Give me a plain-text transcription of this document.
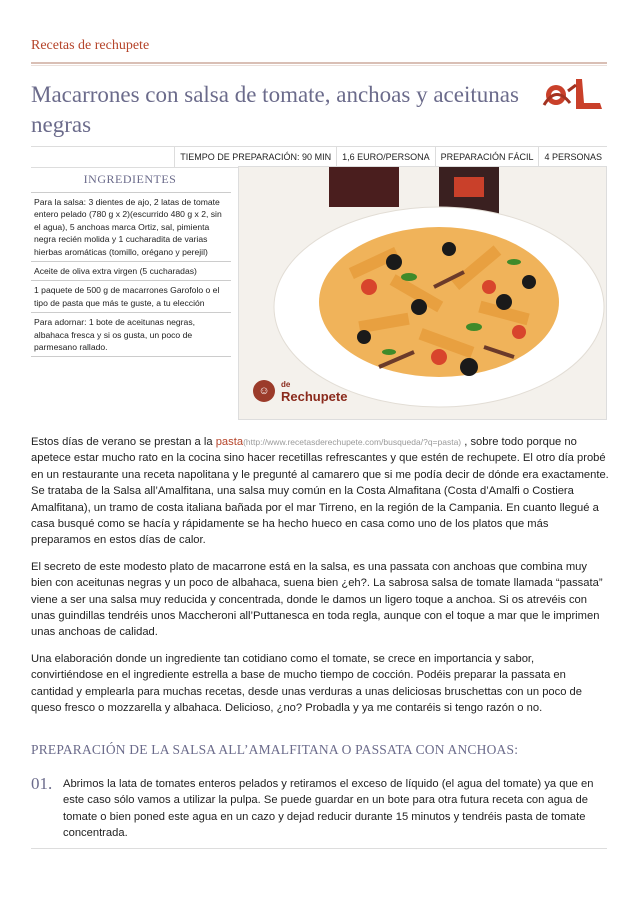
Recetas de rechupete
Macarrones con salsa de tomate, anchoas y aceitunas negras
TIEMPO DE PREPARACIÓN: 90 MIN	1,6 EURO/PERSONA	PREPARACIÓN FÁCIL	4 PERSONAS
INGREDIENTES
Para la salsa: 3 dientes de ajo, 2 latas de tomate entero pelado (780 g x 2)(escurrido 480 g x 2, sin el agua), 5 anchoas marca Ortiz, sal, pimienta negra recién molida y 1 cucharadita de varias hierbas aromáticas (tomillo, orégano y perejil)
Aceite de oliva extra virgen (5 cucharadas)
1 paquete de 500 g de macarrones Garofolo o el tipo de pasta que más te guste, a tu elección
Para adornar: 1 bote de aceitunas negras, albahaca fresca y si os gusta, un poco de parmesano rallado.
☺
de
Rechupete

Estos días de verano se prestan a la pasta(http://www.recetasderechupete.com/busqueda/?q=pasta) , sobre todo porque no apetece estar mucho rato en la cocina sino hacer recetillas refrescantes y que estén de rechupete. El otro día probé en un restaurante una receta napolitana y le pregunté al camarero que si me podía decir de dónde era exactamente. Se trataba de la Salsa all’Amalfitana, una salsa muy común en la Costa Almafitana (Costa d’Amalfi o Costiera Amalfitana), un tramo de costa italiana bañada por el mar Tirreno, en la región de la Campania. En cuanto llegué a casa busqué como se hacía y rápidamente se ha hecho hueco en casa como uno de los platos que más preparamos en estos días de calor.

El secreto de este modesto plato de macarrone está en la salsa, es una passata con anchoas que combina muy bien con aceitunas negras y un poco de albahaca, suena bien ¿eh?. La sabrosa salsa de tomate llamada “passata” viene a ser una salsa muy reducida y concentrada, donde le damos un ligero toque a anchoa. Si os atrevéis con unas guindillas tendréis unos Maccheroni all’Puttanesca en toda regla, aunque con el toque a mar que le imprimen unas anchoas de calidad.

Una elaboración donde un ingrediente tan cotidiano como el tomate, se crece en importancia y sabor, convirtiéndose en el ingrediente estrella a base de mucho tiempo de cocción. Podéis preparar la passata en cantidad y emplearla para muchas recetas, desde unas verduras a unas deliciosas bruschettas con un poco de queso fresco o mozzarella y albahaca. Delicioso, ¿no? Probadla y ya me contaréis si tengo razón o no.

PREPARACIÓN DE LA SALSA ALL’AMALFITANA O PASSATA CON ANCHOAS:
01. Abrimos la lata de tomates enteros pelados y retiramos el exceso de líquido (el agua del tomate) ya que en este caso sólo vamos a utilizar la pulpa. Se puede guardar en un bote para otra futura receta con agua de tomate o bien poned este agua en un cazo y dejad reducir durante 15 minutos y tendréis pasta de tomate concentrada.
